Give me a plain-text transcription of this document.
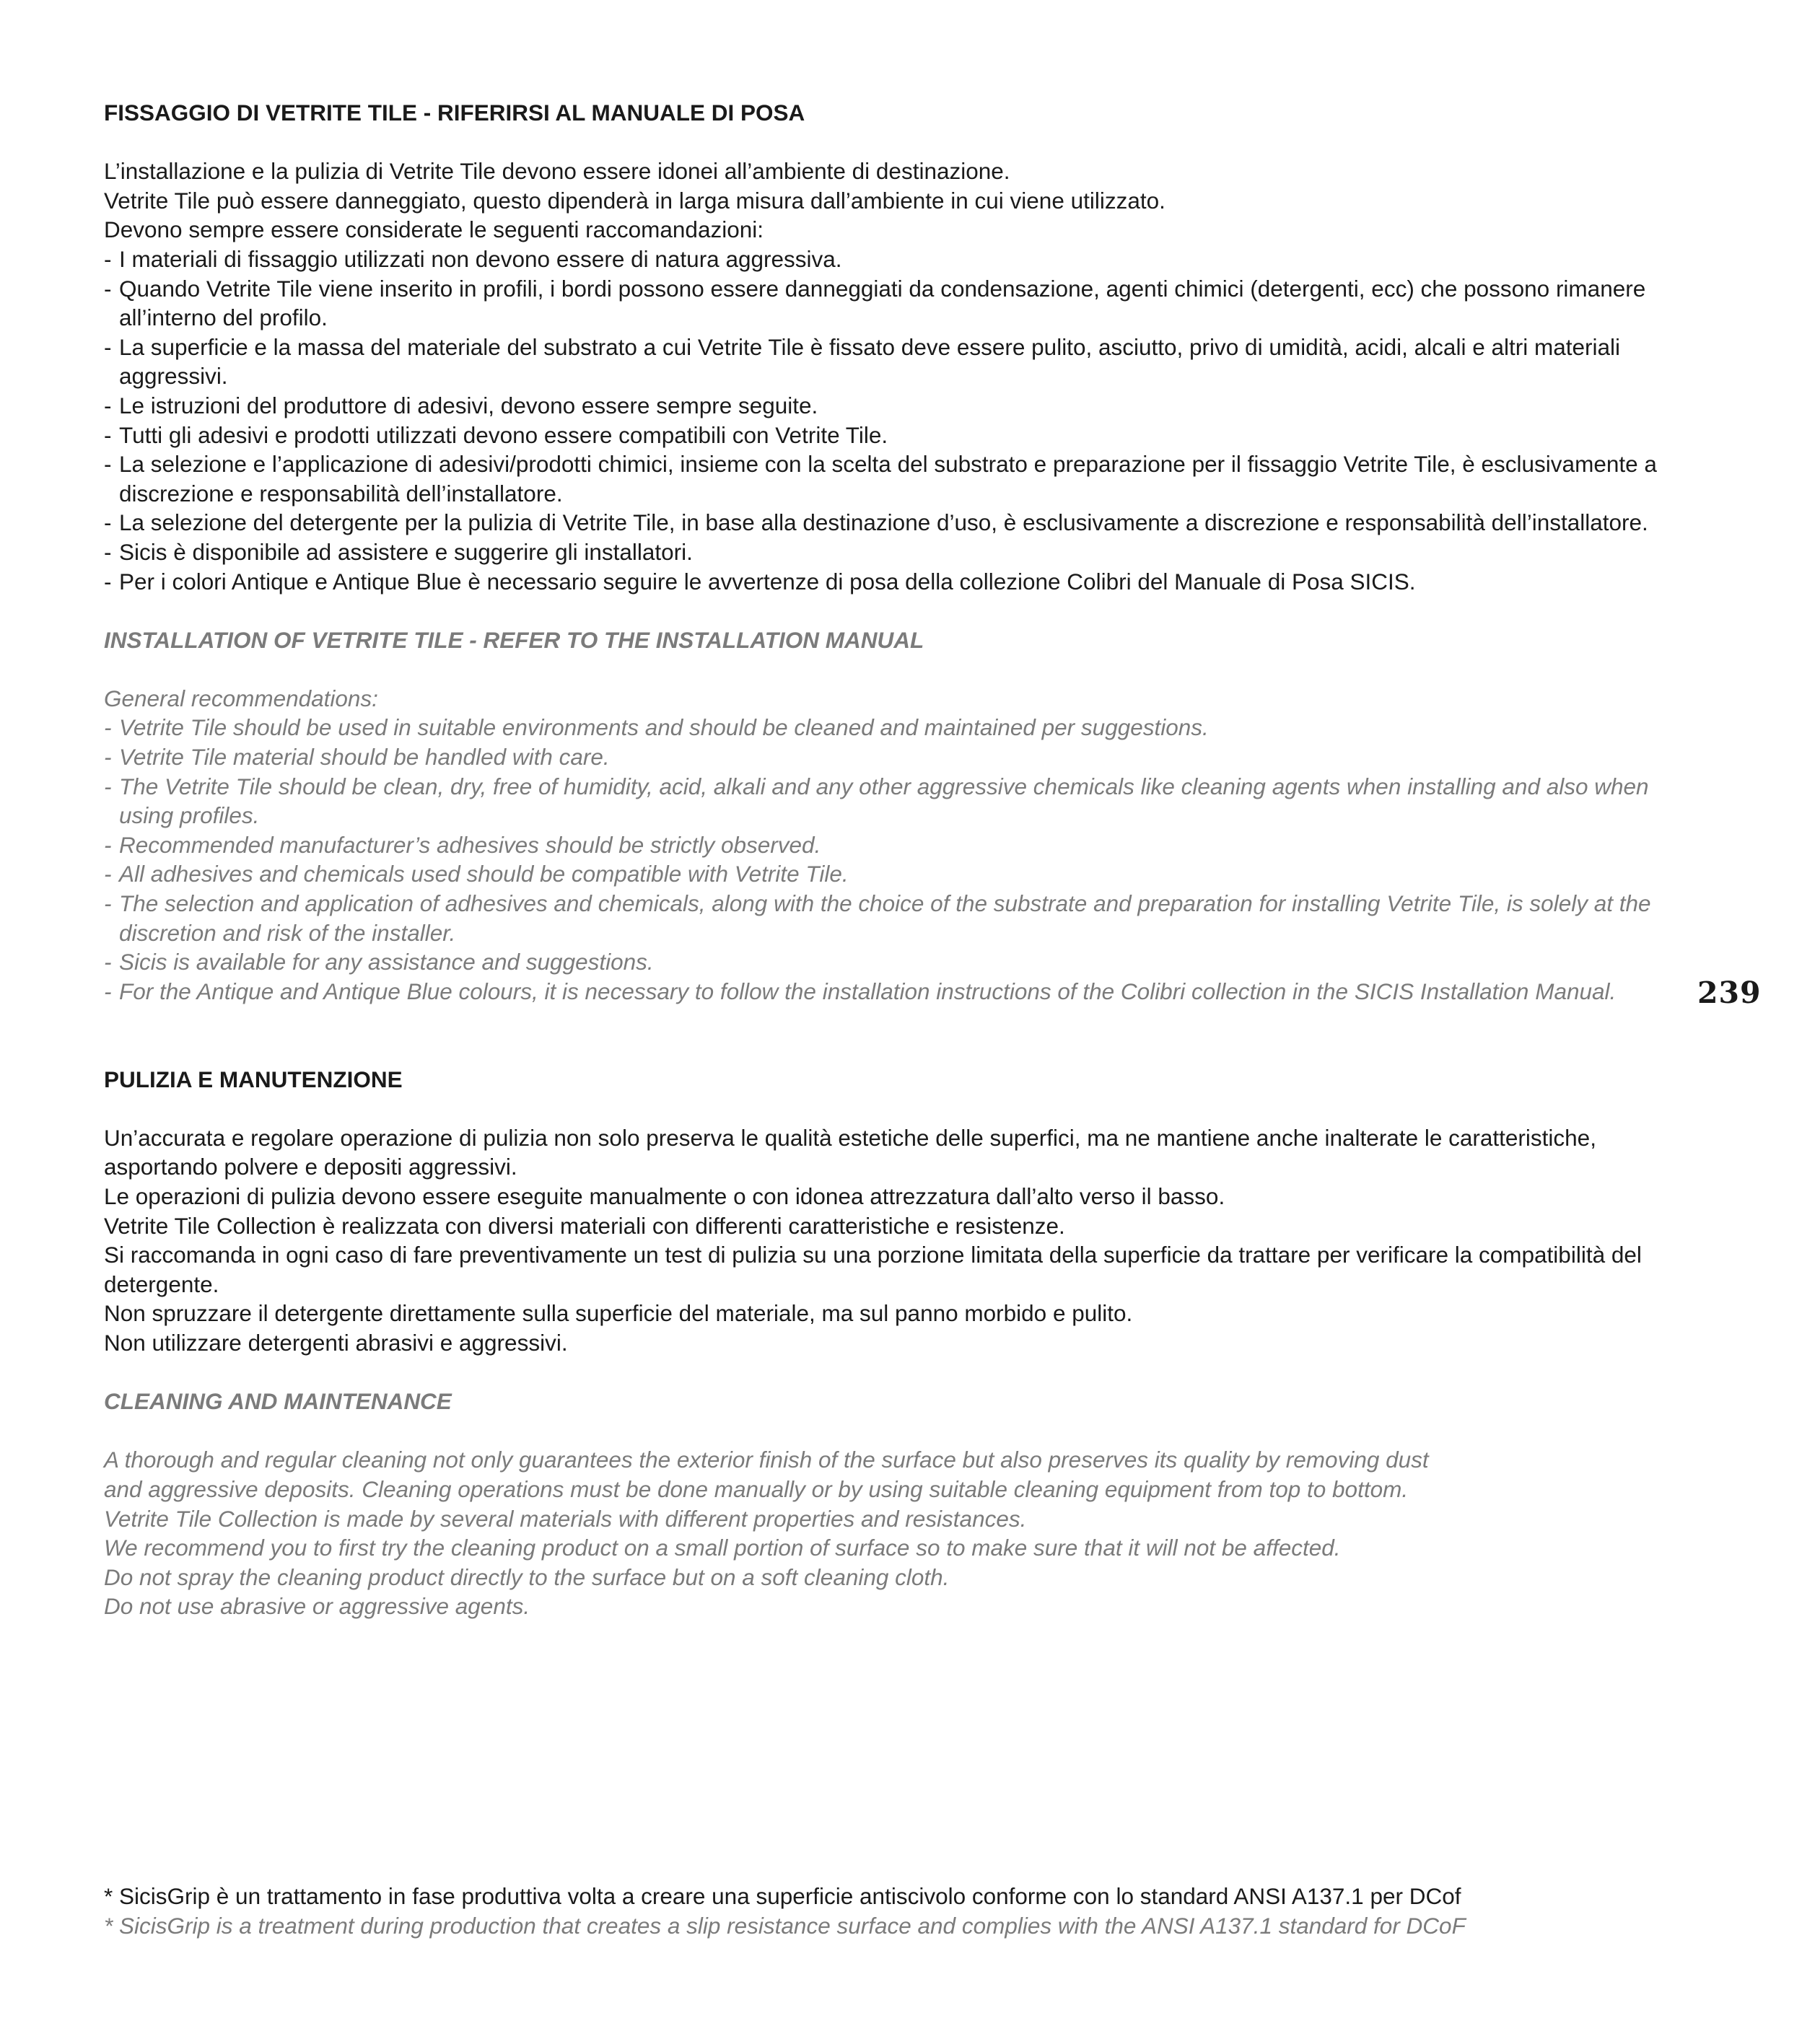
FISSAGGIO DI VETRITE TILE - RIFERIRSI AL MANUALE DI POSA

L’installazione e la pulizia di Vetrite Tile devono essere idonei all’ambiente di destinazione.

Vetrite Tile può essere danneggiato, questo dipenderà in larga misura dall’ambiente in cui viene utilizzato.

Devono sempre essere considerate le seguenti raccomandazioni:

- I materiali di fissaggio utilizzati non devono essere di natura aggressiva.
- Quando Vetrite Tile viene inserito in profili, i bordi possono essere danneggiati da condensazione, agenti chimici (detergenti, ecc) che possono rimanere all’interno del profilo.
- La superficie e la massa del materiale del substrato a cui Vetrite Tile è fissato deve essere pulito, asciutto, privo di umidità, acidi, alcali e altri materiali aggressivi.
- Le istruzioni del produttore di adesivi, devono essere sempre seguite.
- Tutti gli adesivi e prodotti utilizzati devono essere compatibili con Vetrite Tile.
- La selezione e l’applicazione di adesivi/prodotti chimici, insieme con la scelta del substrato e preparazione per il fissaggio Vetrite Tile, è esclusivamente a discrezione e responsabilità dell’installatore.
- La selezione del detergente per la pulizia di Vetrite Tile, in base alla destinazione d’uso, è esclusivamente a discrezione e responsabilità dell’installatore.
- Sicis è disponibile ad assistere e suggerire gli installatori.
- Per i colori Antique e Antique Blue è necessario seguire le avvertenze di posa della collezione Colibri del Manuale di Posa SICIS.
INSTALLATION OF VETRITE TILE - REFER TO THE INSTALLATION MANUAL

General recommendations:

- Vetrite Tile should be used in suitable environments and should be cleaned and maintained per suggestions.
- Vetrite Tile material should be handled with care.
- The Vetrite Tile should be clean, dry, free of humidity, acid, alkali and any other aggressive chemicals like cleaning agents when installing and also when using profiles.
- Recommended manufacturer’s adhesives should be strictly observed.
- All adhesives and chemicals used should be compatible with Vetrite Tile.
- The selection and application of adhesives and chemicals, along with the choice of the substrate and preparation for installing Vetrite Tile, is solely at the discretion and risk of the installer.
- Sicis is available for any assistance and suggestions.
- For the Antique and Antique Blue colours, it is necessary to follow the installation instructions of the Colibri collection in the SICIS Installation Manual.
PULIZIA E MANUTENZIONE

Un’accurata e regolare operazione di pulizia non solo preserva le qualità estetiche delle superfici, ma ne mantiene anche inalterate le caratteristiche, asportando polvere e depositi aggressivi.

Le operazioni di pulizia devono essere eseguite manualmente o con idonea attrezzatura dall’alto verso il basso.

Vetrite Tile Collection è realizzata con diversi materiali con differenti caratteristiche e resistenze.

Si raccomanda in ogni caso di fare preventivamente un test di pulizia su una porzione limitata della superficie da trattare per verificare la compatibilità del detergente.

Non spruzzare il detergente direttamente sulla superficie del materiale, ma sul panno morbido e pulito.

Non utilizzare detergenti abrasivi e aggressivi.

CLEANING AND MAINTENANCE

A thorough and regular cleaning not only guarantees the exterior finish of the surface but also preserves its quality by removing dust

and aggressive deposits. Cleaning operations must be done manually or by using suitable cleaning equipment from top to bottom.

Vetrite Tile Collection is made by several materials with different properties and resistances.

We recommend you to first try the cleaning product on a small portion of surface so to make sure that it will not be affected.

Do not spray the cleaning product directly to the surface but on a soft cleaning cloth.

Do not use abrasive or aggressive agents.

239

* SicisGrip è un trattamento in fase produttiva volta a creare una superficie antiscivolo conforme con lo standard ANSI A137.1 per DCof

* SicisGrip is a treatment during production that creates a slip resistance surface and complies with the ANSI A137.1 standard for DCoF
